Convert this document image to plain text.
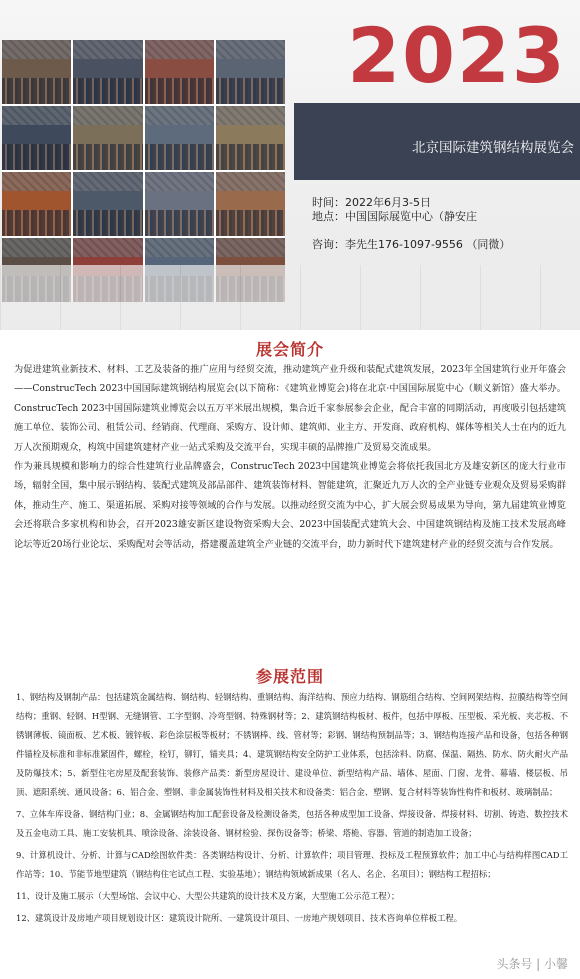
2023
北京国际建筑钢结构展览会
时间：2022年6月3-5日
地点：中国国际展览中心（静安庄
咨询：李先生176-1097-9556 （同微）
展会简介

为促进建筑业新技术、材料、工艺及装备的推广应用与经贸交流，推动建筑产业升级和装配式建筑发展，2023年全国建筑行业开年盛会——ConstrucTech 2023中国国际建筑钢结构展览会(以下简称：《建筑业博览会)将在北京·中国国际展览中心（顺义新馆）盛大举办。ConstrucTech 2023中国国际建筑业博览会以五万平米展出规模，集合近千家参展参会企业，配合丰富的同期活动，再度吸引包括建筑施工单位、装饰公司、租赁公司、经销商、代理商、采购方、设计师、建筑师、业主方、开发商、政府机构、媒体等相关人士在内的近九万人次预期观众，构筑中国建筑建材产业一站式采购及交流平台，实现丰硕的品牌推广及贸易交流成果。

作为兼具规模和影响力的综合性建筑行业品牌盛会，ConstrucTech 2023中国建筑业博览会将依托我国北方及雄安新区的庞大行业市场，辐射全国，集中展示钢结构、装配式建筑及部品部件、建筑装饰材料、智能建筑，汇聚近九万人次的全产业链专业观众及贸易采购群体，推动生产、施工、渠道拓展、采购对接等领域的合作与发展。以推动经贸交流为中心，扩大展会贸易成果为导向，第九届建筑业博览会还将联合多家机构和协会，召开2023雄安新区建设物资采购大会、2023中国装配式建筑大会、中国建筑钢结构及施工技术发展高峰论坛等近20场行业论坛、采购配对会等活动，搭建覆盖建筑全产业链的交流平台，助力新时代下建筑建材产业的经贸交流与合作发展。

参展范围

1、钢结构及钢制产品：包括建筑金属结构、钢结构、轻钢结构、重钢结构、海洋结构、预应力结构、钢筋组合结构、空间网架结构、拉膜结构等空间结构；重钢、轻钢、H型钢、无缝钢管、工字型钢、冷弯型钢、特殊钢材等；2、建筑钢结构板材、板件，包括中厚板、压型板、采光板、夹芯板、不锈钢薄板、镜面板、艺术板、镀锌板、彩色涂层板等板材；不锈钢棒、线、管材等；彩钢、钢结构预制品等；3、钢结构连接产品和设备，包括各种钢件锚栓及标准和非标准紧固件，螺栓，栓钉，铆钉，锚夹具；4、建筑钢结构安全防护工业体系，包括涂料、防腐、保温、隔热、防水、防火耐火产品及防爆技术；5、新型住宅房屋及配套装饰、装修产品类：新型房屋设计、建设单位、新型结构产品、墙体、屋面、门窗、龙骨、幕墙、楼层板、吊顶、遮阳系统、通风设备；6、铝合金、塑钢、非金属装饰性材料及相关技术和设备类：铝合金、塑钢、复合材料等装饰性构件和板材、玻璃制品；

7、立体车库设备、钢结构门业；8、金属钢结构加工配套设备及检测设备类，包括各种成型加工设备、焊接设备、焊接材料、切割、铸造、数控技术及五金电动工具、施工安装机具、喷涂设备、涂装设备、钢材检验、探伤设备等；桥梁、塔桅、容器、管道的制造加工设备；

9、计算机设计、分析、计算与CAD绘图软件类：各类钢结构设计、分析、计算软件；项目管理、投标及工程预算软件；加工中心与结构样图CAD工作站等；10、节能节地型建筑（钢结构住宅试点工程、实验基地）；钢结构领域新成果（名人、名企、名项目）；钢结构工程招标；

11、设计及施工展示（大型场馆、会议中心、大型公共建筑的设计技术及方案，大型施工公示范工程）；

12、建筑设计及房地产项目规划设计区：建筑设计院所、一建筑设计项目、一房地产规划项目、技术咨询单位样板工程。

头条号 | 小馨
